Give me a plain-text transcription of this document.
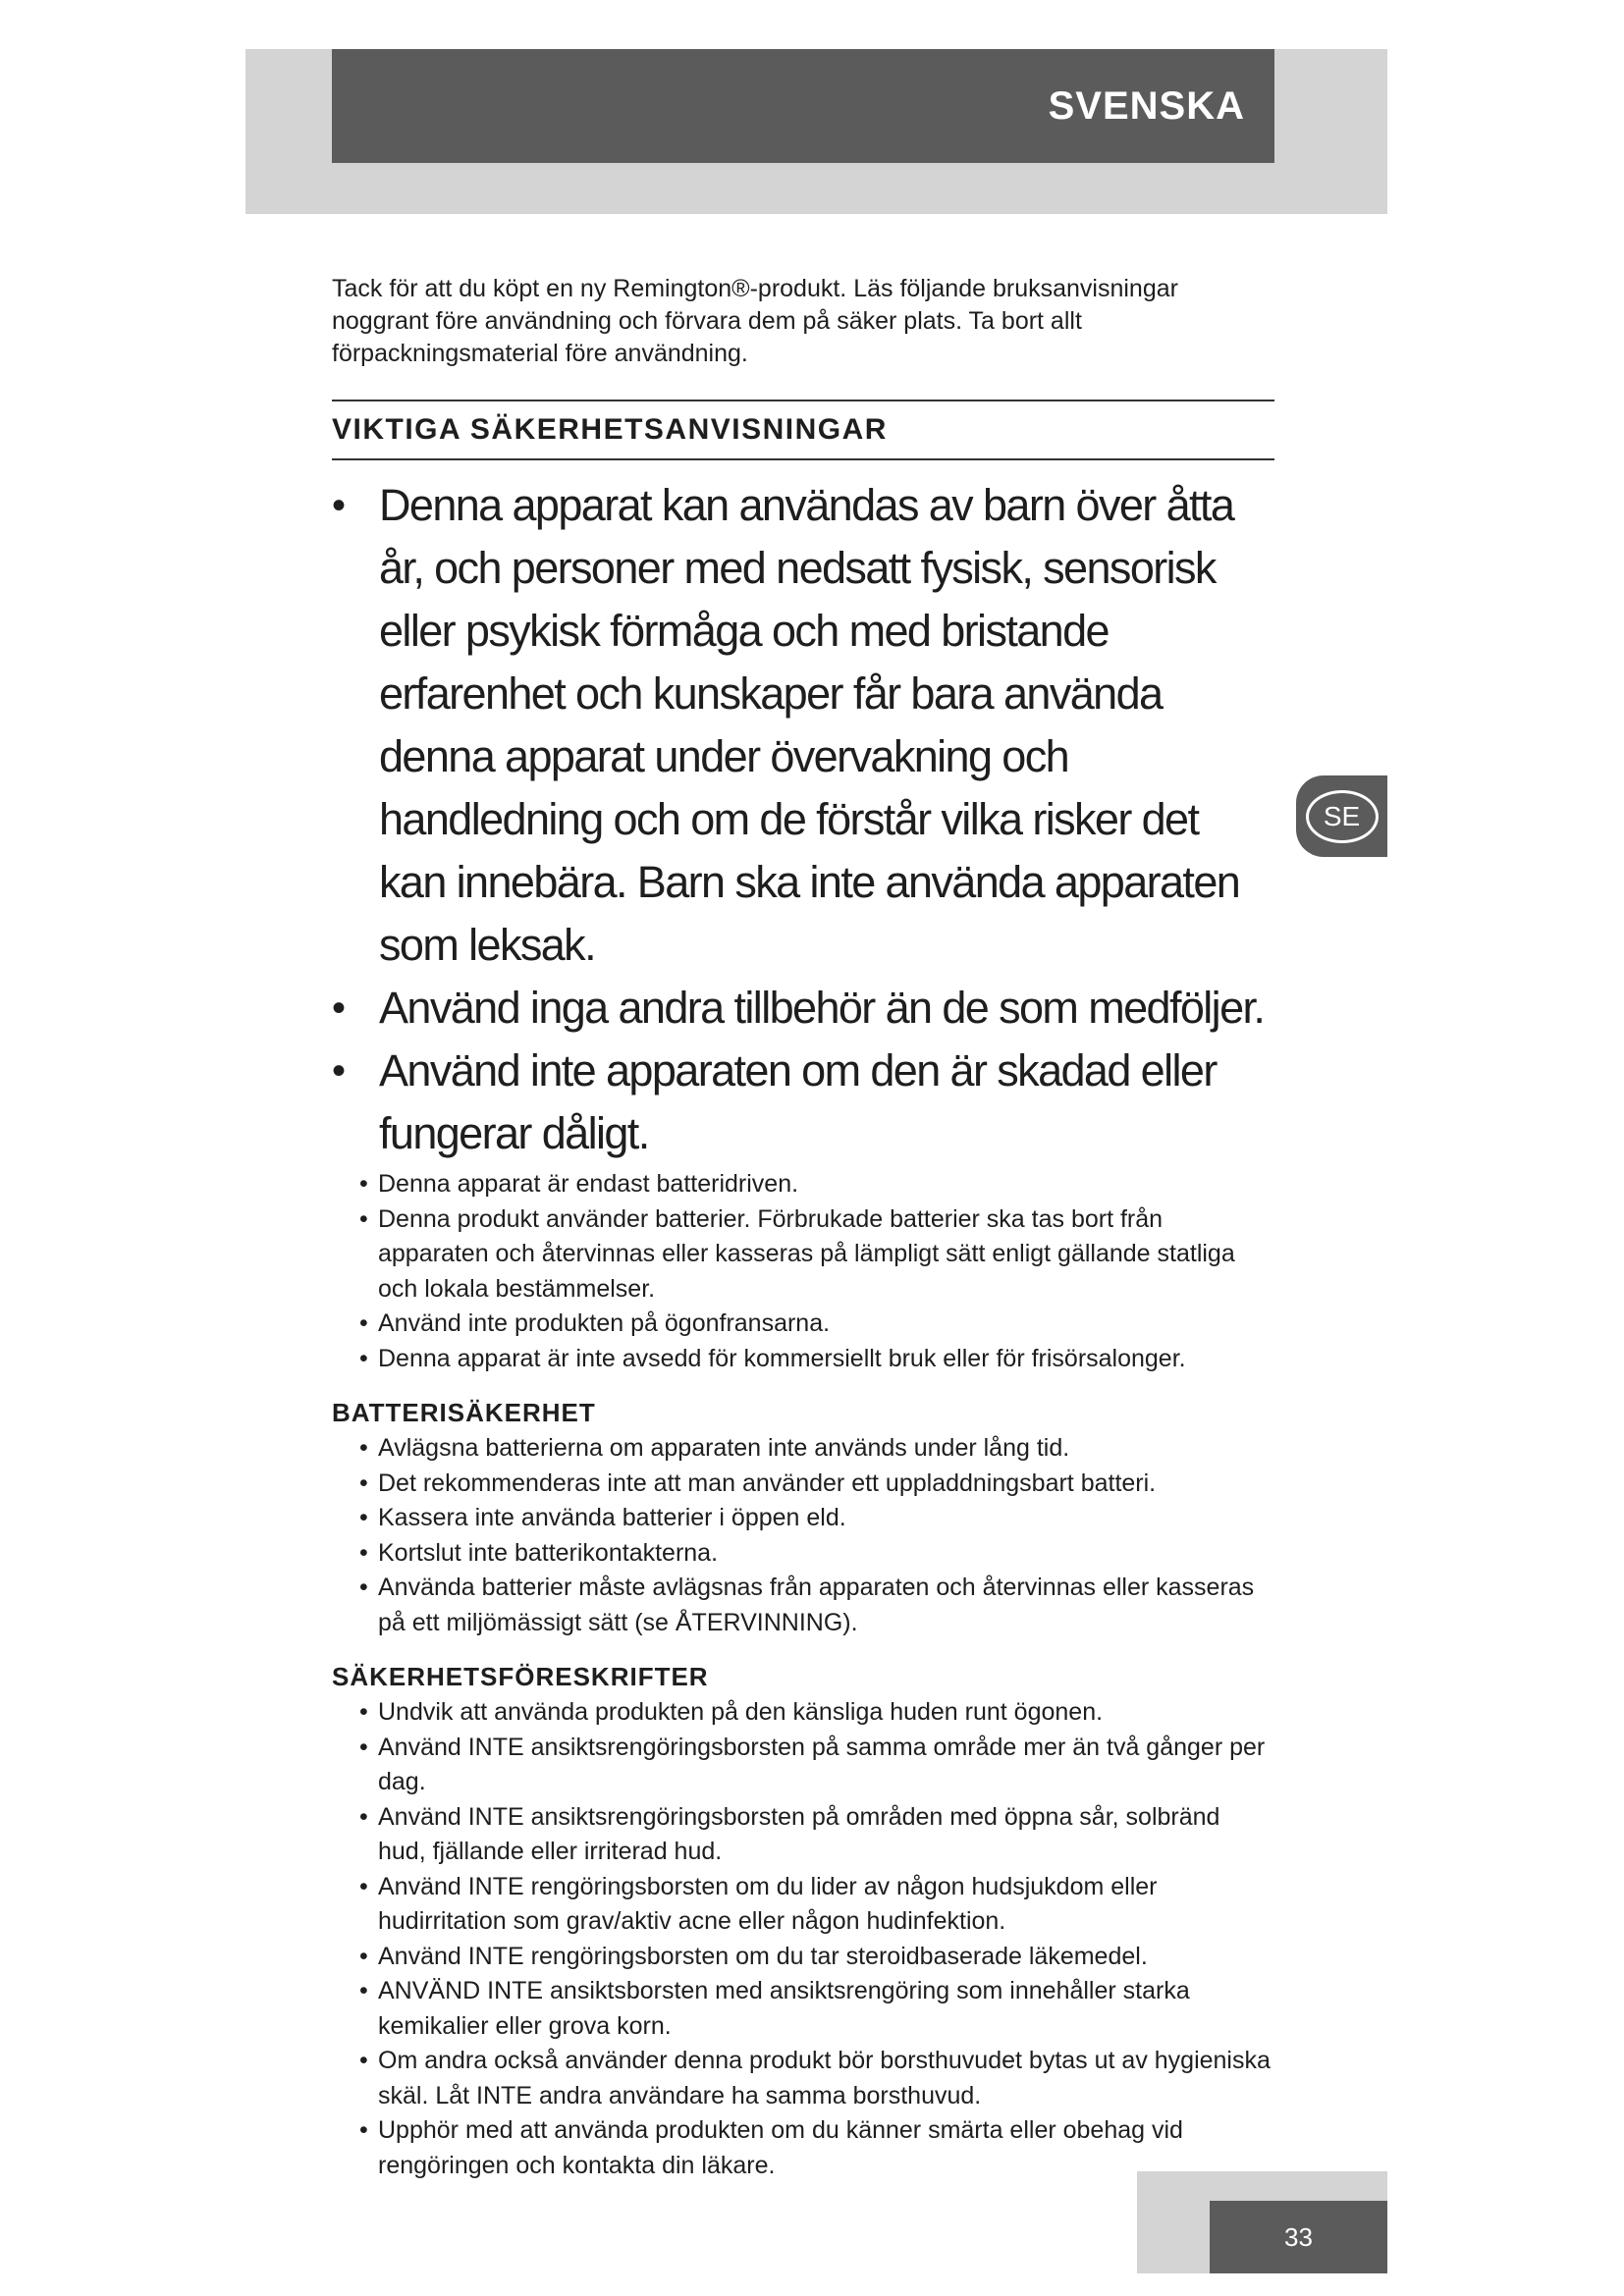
SVENSKA

Tack för att du köpt en ny Remington®-produkt. Läs följande bruksanvisningar noggrant före användning och förvara dem på säker plats. Ta bort allt förpackningsmaterial före användning.

VIKTIGA SÄKERHETSANVISNINGAR
• Denna apparat kan användas av barn över åtta år, och personer med nedsatt fysisk, sensorisk eller psykisk förmåga och med bristande erfarenhet och kunskaper får bara använda denna apparat under övervakning och handledning och om de förstår vilka risker det kan innebära. Barn ska inte använda apparaten som leksak.
• Använd inga andra tillbehör än de som medföljer.
• Använd inte apparaten om den är skadad eller fungerar dåligt.
• Denna apparat är endast batteridriven.
• Denna produkt använder batterier. Förbrukade batterier ska tas bort från apparaten och återvinnas eller kasseras på lämpligt sätt enligt gällande statliga och lokala bestämmelser.
• Använd inte produkten på ögonfransarna.
• Denna apparat är inte avsedd för kommersiellt bruk eller för frisörsalonger.
BATTERISÄKERHET
• Avlägsna batterierna om apparaten inte används under lång tid.
• Det rekommenderas inte att man använder ett uppladdningsbart batteri.
• Kassera inte använda batterier i öppen eld.
• Kortslut inte batterikontakterna.
• Använda batterier måste avlägsnas från apparaten och återvinnas eller kasseras på ett miljömässigt sätt (se ÅTERVINNING).
SÄKERHETSFÖRESKRIFTER
• Undvik att använda produkten på den känsliga huden runt ögonen.
• Använd INTE ansiktsrengöringsborsten på samma område mer än två gånger per dag.
• Använd INTE ansiktsrengöringsborsten på områden med öppna sår, solbränd hud, fjällande eller irriterad hud.
• Använd INTE rengöringsborsten om du lider av någon hudsjukdom eller hudirritation som grav/aktiv acne eller någon hudinfektion.
• Använd INTE rengöringsborsten om du tar steroidbaserade läkemedel.
• ANVÄND INTE ansiktsborsten med ansiktsrengöring som innehåller starka kemikalier eller grova korn.
• Om andra också använder denna produkt bör borsthuvudet bytas ut av hygieniska skäl. Låt INTE andra användare ha samma borsthuvud.
• Upphör med att använda produkten om du känner smärta eller obehag vid rengöringen och kontakta din läkare.
SE
33
